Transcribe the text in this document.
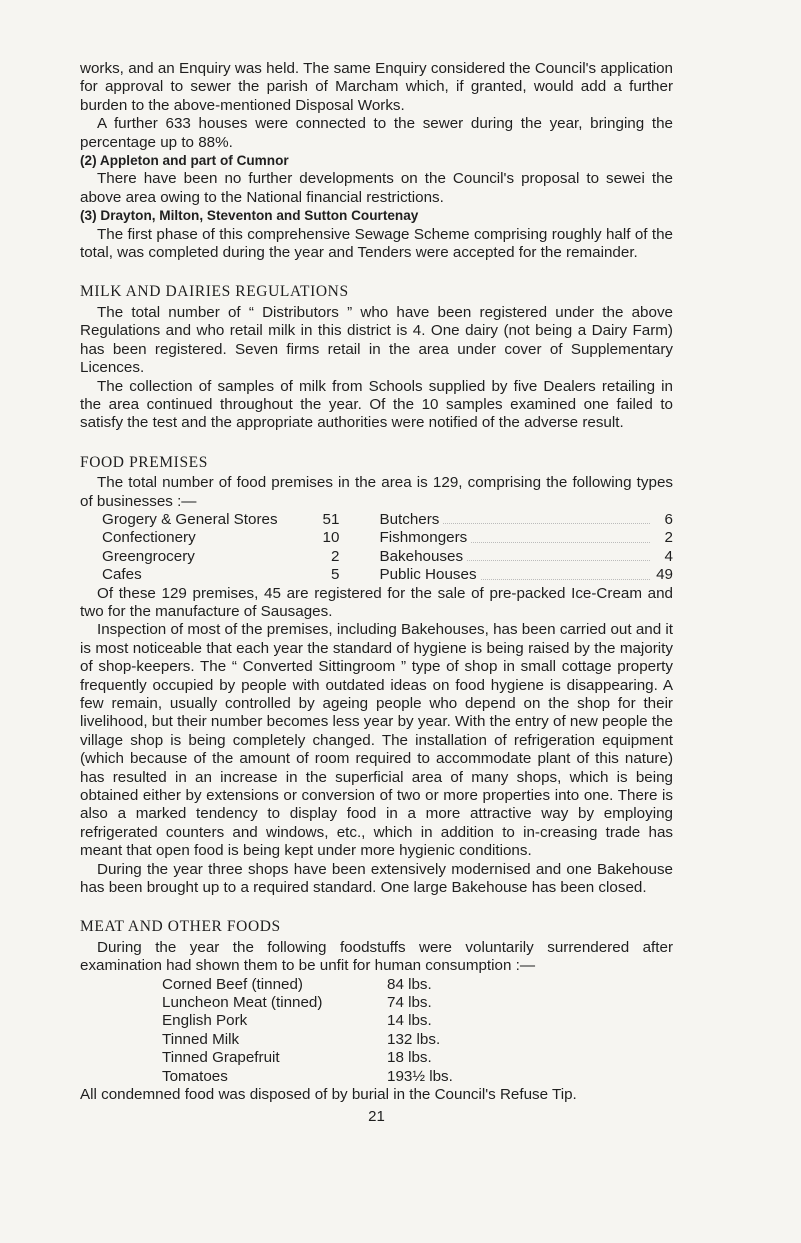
works, and an Enquiry was held. The same Enquiry considered the Council's application for approval to sewer the parish of Marcham which, if granted, would add a further burden to the above-mentioned Disposal Works.

A further 633 houses were connected to the sewer during the year, bringing the percentage up to 88%.

(2) Appleton and part of Cumnor

There have been no further developments on the Council's proposal to sewei the above area owing to the National financial restrictions.

(3) Drayton, Milton, Steventon and Sutton Courtenay

The first phase of this comprehensive Sewage Scheme comprising roughly half of the total, was completed during the year and Tenders were accepted for the remainder.

MILK AND DAIRIES REGULATIONS

The total number of “ Distributors ” who have been registered under the above Regulations and who retail milk in this district is 4. One dairy (not being a Dairy Farm) has been registered. Seven firms retail in the area under cover of Supplementary Licences.

The collection of samples of milk from Schools supplied by five Dealers retailing in the area continued throughout the year. Of the 10 samples examined one failed to satisfy the test and the appropriate authorities were notified of the adverse result.

FOOD PREMISES

The total number of food premises in the area is 129, comprising the following types of businesses :—

Grogery & General Stores	51	Butchers	6
Confectionery	10	Fishmongers	2
Greengrocery	2	Bakehouses	4
Cafes	5	Public Houses	49

Of these 129 premises, 45 are registered for the sale of pre-packed Ice-Cream and two for the manufacture of Sausages.

Inspection of most of the premises, including Bakehouses, has been carried out and it is most noticeable that each year the standard of hygiene is being raised by the majority of shop-keepers. The “ Converted Sittingroom ” type of shop in small cottage property frequently occupied by people with outdated ideas on food hygiene is disappearing. A few remain, usually controlled by ageing people who depend on the shop for their livelihood, but their number becomes less year by year. With the entry of new people the village shop is being completely changed. The installation of refrigeration equipment (which because of the amount of room required to accommodate plant of this nature) has resulted in an increase in the superficial area of many shops, which is being obtained either by extensions or conversion of two or more properties into one. There is also a marked tendency to display food in a more attractive way by employing refrigerated counters and windows, etc., which in addition to in-creasing trade has meant that open food is being kept under more hygienic conditions.

During the year three shops have been extensively modernised and one Bakehouse has been brought up to a required standard. One large Bakehouse has been closed.

MEAT AND OTHER FOODS

During the year the following foodstuffs were voluntarily surrendered after examination had shown them to be unfit for human consumption :—

Corned Beef (tinned)	84 lbs.
Luncheon Meat (tinned)	74 lbs.
English Pork	14 lbs.
Tinned Milk	132 lbs.
Tinned Grapefruit	18 lbs.
Tomatoes	193½ lbs.

All condemned food was disposed of by burial in the Council's Refuse Tip.

21
